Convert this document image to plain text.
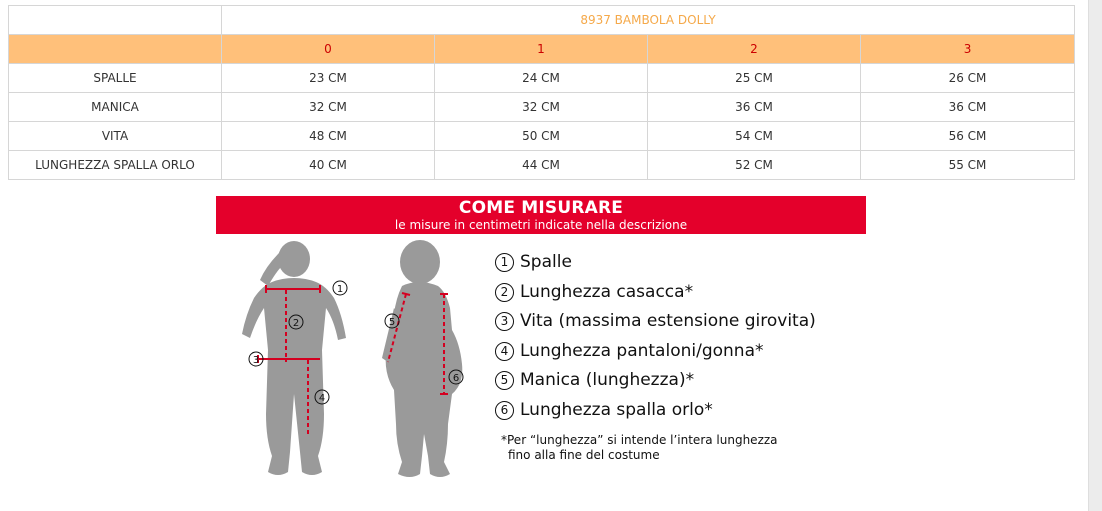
	8937 BAMBOLA DOLLY			
	0	1	2	3
SPALLE	23 CM	24 CM	25 CM	26 CM
MANICA	32 CM	32 CM	36 CM	36 CM
VITA	48 CM	50 CM	54 CM	56 CM
LUNGHEZZA SPALLA ORLO	40 CM	44 CM	52 CM	55 CM
COME MISURARE
le misure in centimetri indicate nella descrizione
1
2
3
4
5
6
1 Spalle
2 Lunghezza casacca*
3 Vita (massima estensione girovita)
4 Lunghezza pantaloni/gonna*
5 Manica (lunghezza)*
6 Lunghezza spalla orlo*
*Per “lunghezza” si intende l’intera lunghezza
fino alla fine del costume
